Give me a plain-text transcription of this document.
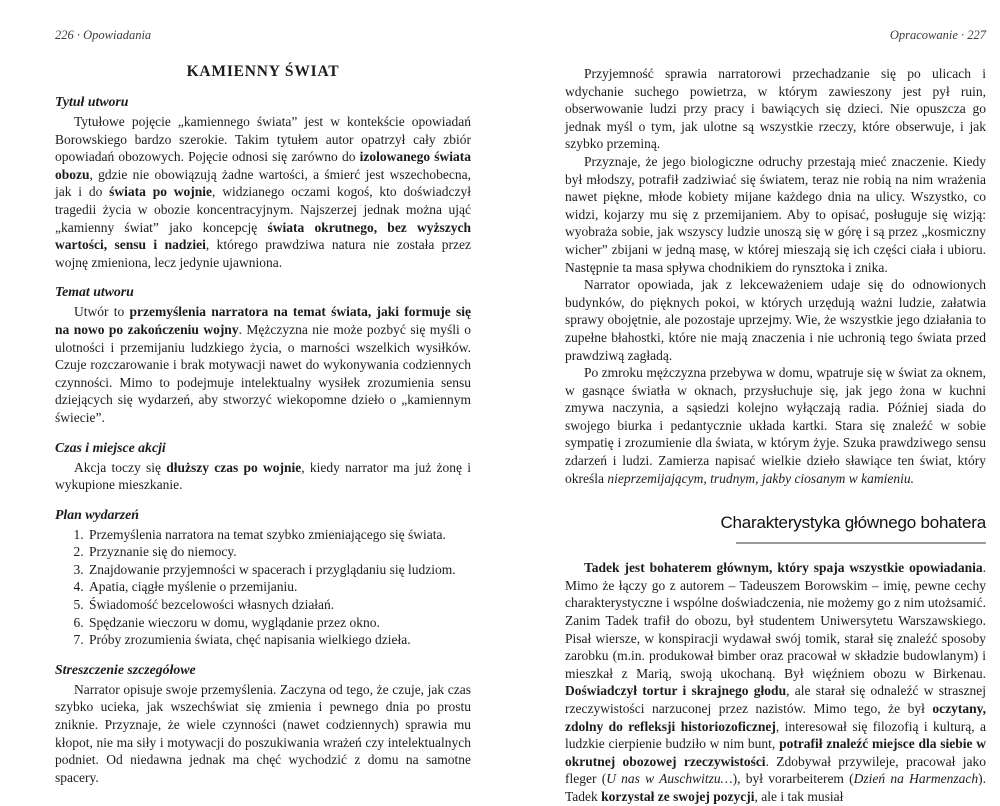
226 · Opowiadania
KAMIENNY ŚWIAT
Tytuł utworu

Tytułowe pojęcie „kamiennego świata” jest w kontekście opowiadań Borowskiego bardzo szerokie. Takim tytułem autor opatrzył cały zbiór opowiadań obozowych. Pojęcie odnosi się zarówno do izolowanego świata obozu, gdzie nie obowiązują żadne wartości, a śmierć jest wszechobecna, jak i do świata po wojnie, widzianego oczami kogoś, kto doświadczył tragedii życia w obozie koncentracyjnym. Najszerzej jednak można ująć „kamienny świat” jako koncepcję świata okrutnego, bez wyższych wartości, sensu i nadziei, którego prawdziwa natura nie została przez wojnę zmieniona, lecz jedynie ujawniona.

Temat utworu

Utwór to przemyślenia narratora na temat świata, jaki formuje się na nowo po zakończeniu wojny. Mężczyzna nie może pozbyć się myśli o ulotności i przemijaniu ludzkiego życia, o marności wszelkich wysiłków. Czuje rozczarowanie i brak motywacji nawet do wykonywania codziennych czynności. Mimo to podejmuje intelektualny wysiłek zrozumienia sensu dziejących się wydarzeń, aby stworzyć wiekopomne dzieło o „kamiennym świecie”.

Czas i miejsce akcji

Akcja toczy się dłuższy czas po wojnie, kiedy narrator ma już żonę i wykupione mieszkanie.

Plan wydarzeń
1. Przemyślenia narratora na temat szybko zmieniającego się świata.
2. Przyznanie się do niemocy.
3. Znajdowanie przyjemności w spacerach i przyglądaniu się ludziom.
4. Apatia, ciągłe myślenie o przemijaniu.
5. Świadomość bezcelowości własnych działań.
6. Spędzanie wieczoru w domu, wyglądanie przez okno.
7. Próby zrozumienia świata, chęć napisania wielkiego dzieła.
Streszczenie szczegółowe

Narrator opisuje swoje przemyślenia. Zaczyna od tego, że czuje, jak czas szybko ucieka, jak wszechświat się zmienia i pewnego dnia po prostu zniknie. Przyznaje, że wiele czynności (nawet codziennych) sprawia mu kłopot, nie ma siły i motywacji do poszukiwania wrażeń czy intelektualnych podniet. Od niedawna jednak ma chęć wychodzić z domu na samotne spacery.

Opracowanie · 227

Przyjemność sprawia narratorowi przechadzanie się po ulicach i wdychanie suchego powietrza, w którym zawieszony jest pył ruin, obserwowanie ludzi przy pracy i bawiących się dzieci. Nie opuszcza go jednak myśl o tym, jak ulotne są wszystkie rzeczy, które obserwuje, i jak szybko przeminą.

Przyznaje, że jego biologiczne odruchy przestają mieć znaczenie. Kiedy był młodszy, potrafił zadziwiać się światem, teraz nie robią na nim wrażenia nawet piękne, młode kobiety mijane każdego dnia na ulicy. Wszystko, co widzi, kojarzy mu się z przemijaniem. Aby to opisać, posługuje się wizją: wyobraża sobie, jak wszyscy ludzie unoszą się w górę i są przez „kosmiczny wicher” zbijani w jedną masę, w której mieszają się ich części ciała i ubioru. Następnie ta masa spływa chodnikiem do rynsztoka i znika.

Narrator opowiada, jak z lekceważeniem udaje się do odnowionych budynków, do pięknych pokoi, w których urzędują ważni ludzie, załatwia sprawy obojętnie, ale pozostaje uprzejmy. Wie, że wszystkie jego działania to zupełne błahostki, które nie mają znaczenia i nie uchronią tego świata przed prawdziwą zagładą.

Po zmroku mężczyzna przebywa w domu, wpatruje się w świat za oknem, w gasnące światła w oknach, przysłuchuje się, jak jego żona w kuchni zmywa naczynia, a sąsiedzi kolejno wyłączają radia. Później siada do swojego biurka i pedantycznie układa kartki. Stara się znaleźć w sobie sympatię i zrozumienie dla świata, w którym żyje. Szuka prawdziwego sensu zdarzeń i ludzi. Zamierza napisać wielkie dzieło sławiące ten świat, który określa nieprzemijającym, trudnym, jakby ciosanym w kamieniu.

Charakterystyka głównego bohatera

Tadek jest bohaterem głównym, który spaja wszystkie opowiadania. Mimo że łączy go z autorem – Tadeuszem Borowskim – imię, pewne cechy charakterystyczne i wspólne doświadczenia, nie możemy go z nim utożsamić. Zanim Tadek trafił do obozu, był studentem Uniwersytetu Warszawskiego. Pisał wiersze, w konspiracji wydawał swój tomik, starał się znaleźć sposoby zarobku (m.in. produkował bimber oraz pracował w składzie budowlanym) i mieszkał z Marią, swoją ukochaną. Był więźniem obozu w Birkenau. Doświadczył tortur i skrajnego głodu, ale starał się odnaleźć w strasznej rzeczywistości narzuconej przez nazistów. Mimo tego, że był oczytany, zdolny do refleksji historiozoficznej, interesował się filozofią i kulturą, a ludzkie cierpienie budziło w nim bunt, potrafił znaleźć miejsce dla siebie w okrutnej obozowej rzeczywistości. Zdobywał przywileje, pracował jako fleger (U nas w Auschwitzu…), był vorarbeiterem (Dzień na Harmenzach). Tadek korzystał ze swojej pozycji, ale i tak musiał
